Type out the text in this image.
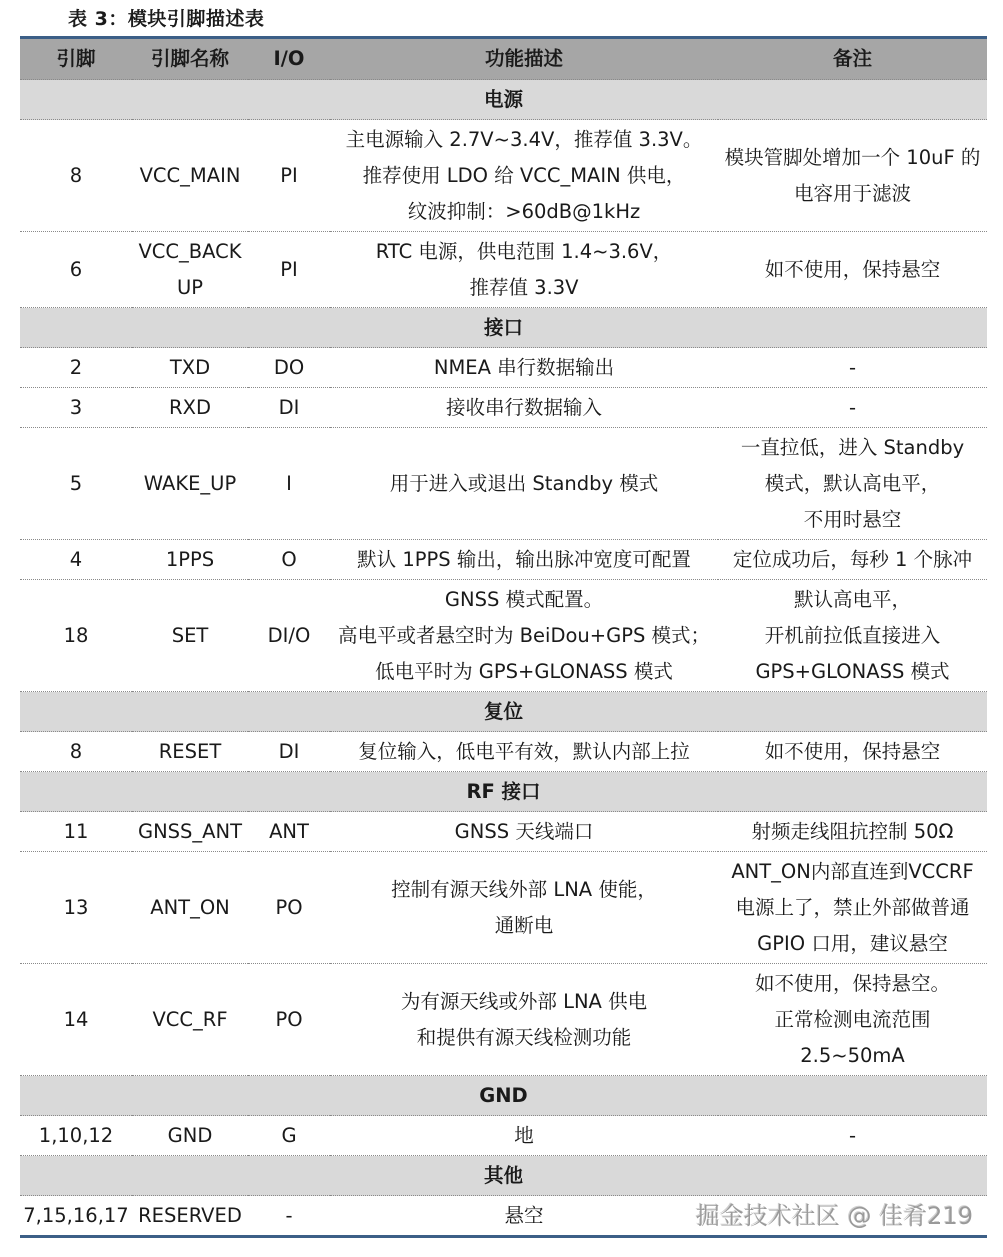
表 3：模块引脚描述表
引脚	引脚名称	I/O	功能描述	备注
电源				
8	VCC_MAIN	PI	主电源输入 2.7V~3.4V，推荐值 3.3V。
推荐使用 LDO 给 VCC_MAIN 供电，
纹波抑制：>60dB@1kHz	模块管脚处增加一个 10uF 的
电容用于滤波

6	VCC_BACK
UP	PI	RTC 电源，供电范围 1.4~3.6V，
推荐值 3.3V	如不使用，保持悬空
接口				
2	TXD	DO	NMEA 串行数据输出	-
3	RXD	DI	接收串行数据输入	-
5	WAKE_UP	I	用于进入或退出 Standby 模式	一直拉低，进入 Standby
模式，默认高电平，
不用时悬空

4	1PPS	O	默认 1PPS 输出，输出脉冲宽度可配置	定位成功后，每秒 1 个脉冲
18	SET	DI/O	GNSS 模式配置。
高电平或者悬空时为 BeiDou+GPS 模式；
低电平时为 GPS+GLONASS 模式	默认高电平，
开机前拉低直接进入
GPS+GLONASS 模式

复位				
8	RESET	DI	复位输入，低电平有效，默认内部上拉	如不使用，保持悬空
RF 接口				
11	GNSS_ANT	ANT	GNSS 天线端口	射频走线阻抗控制 50Ω
13	ANT_ON	PO	控制有源天线外部 LNA 使能，
通断电	ANT_ON内部直连到VCCRF
电源上了，禁止外部做普通
GPIO 口用，建议悬空

14	VCC_RF	PO	为有源天线或外部 LNA 供电
和提供有源天线检测功能	如不使用，保持悬空。
正常检测电流范围
2.5~50mA

GND				
1,10,12	GND	G	地	-
其他				
7,15,16,17	RESERVED	-	悬空		掘金技术社区 @ 佳肴219
